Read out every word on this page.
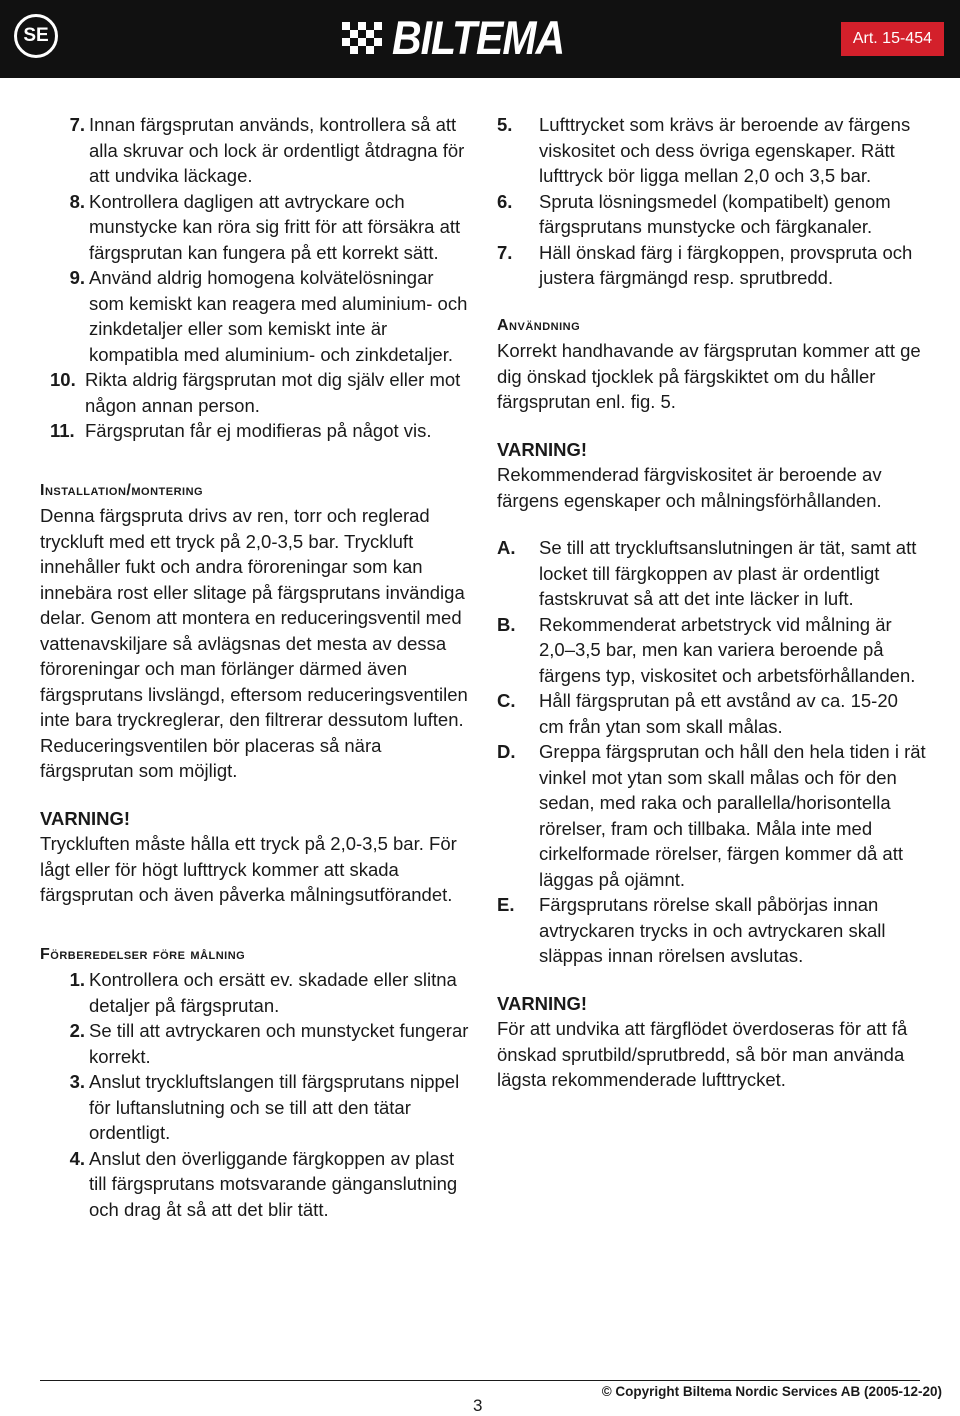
SE	BILTEMA	Art. 15-454
7. Innan färgsprutan används, kontrollera så att alla skruvar och lock är ordentligt åtdragna för att undvika läckage.
8. Kontrollera dagligen att avtryckare och munstycke kan röra sig fritt för att försäkra att färgsprutan kan fungera på ett korrekt sätt.
9. Använd aldrig homogena kolvätelösningar som kemiskt kan reagera med aluminium- och zinkdetaljer eller som kemiskt inte är kompatibla med aluminium- och zinkdetaljer.
10. Rikta aldrig färgsprutan mot dig själv eller mot någon annan person.
11. Färgsprutan får ej modifieras på något vis.
Installation/montering

Denna färgspruta drivs av ren, torr och reglerad tryckluft med ett tryck på 2,0-3,5 bar. Tryckluft innehåller fukt och andra föroreningar som kan innebära rost eller slitage på färgsprutans invändiga delar. Genom att montera en reduceringsventil med vattenavskiljare så avlägsnas det mesta av dessa föroreningar och man förlänger därmed även färgsprutans livslängd, eftersom reduceringsventilen inte bara tryckreglerar, den filtrerar dessutom luften. Reduceringsventilen bör placeras så nära färgsprutan som möjligt.

VARNING!

Tryckluften måste hålla ett tryck på 2,0-3,5 bar. För lågt eller för högt lufttryck kommer att skada färgsprutan och även påverka målningsutförandet.

Förberedelser före målning
1. Kontrollera och ersätt ev. skadade eller slitna detaljer på färgsprutan.
2. Se till att avtryckaren och munstycket fungerar korrekt.
3. Anslut tryckluftslangen till färgsprutans nippel för luftanslutning och se till att den tätar ordentligt.
4. Anslut den överliggande färgkoppen av plast till färgsprutans motsvarande gänganslutning och drag åt så att det blir tätt.
5.	Lufttrycket som krävs är beroende av färgens viskositet och dess övriga egenskaper. Rätt lufttryck bör ligga mellan 2,0 och 3,5 bar.
6.	Spruta lösningsmedel (kompatibelt) genom färgsprutans munstycke och färgkanaler.
7.	Häll önskad färg i färgkoppen, provspruta och justera färgmängd resp. sprutbredd.
Användning

Korrekt handhavande av färgsprutan kommer att ge dig önskad tjocklek på färgskiktet om du håller färgsprutan enl. fig. 5.

VARNING!

Rekommenderad färgviskositet är beroende av färgens egenskaper och målningsförhållanden.

A.	Se till att tryckluftsanslutningen är tät, samt att locket till färgkoppen av plast är ordentligt fastskruvat så att det inte läcker in luft.
B.	Rekommenderat arbetstryck vid målning är 2,0–3,5 bar, men kan variera beroende på färgens typ, viskositet och arbetsförhållanden.
C.	Håll färgsprutan på ett avstånd av ca. 15-20 cm från ytan som skall målas.
D.	Greppa färgsprutan och håll den hela tiden i rät vinkel mot ytan som skall målas och för den sedan, med raka och parallella/horisontella rörelser, fram och tillbaka. Måla inte med cirkelformade rörelser, färgen kommer då att läggas på ojämnt.
E.	Färgsprutans rörelse skall påbörjas innan avtryckaren trycks in och avtryckaren skall släppas innan rörelsen avslutas.
VARNING!

För att undvika att färgflödet överdoseras för att få önskad sprutbild/sprutbredd, så bör man använda lägsta rekommenderade lufttrycket.

3
© Copyright Biltema Nordic Services AB (2005-12-20)
